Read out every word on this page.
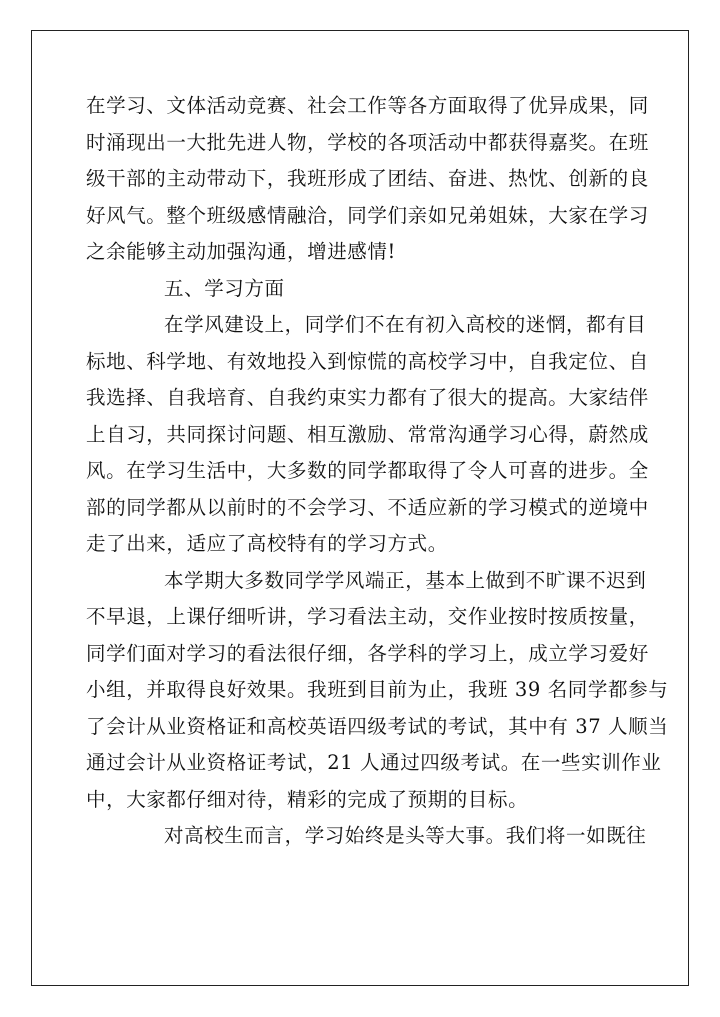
在学习、文体活动竞赛、社会工作等各方面取得了优异成果，同
时涌现出一大批先进人物，学校的各项活动中都获得嘉奖。在班
级干部的主动带动下，我班形成了团结、奋进、热忱、创新的良
好风气。整个班级感情融洽，同学们亲如兄弟姐妹，大家在学习
之余能够主动加强沟通，增进感情!

五、学习方面

在学风建设上，同学们不在有初入高校的迷惘，都有目
标地、科学地、有效地投入到惊慌的高校学习中，自我定位、自
我选择、自我培育、自我约束实力都有了很大的提高。大家结伴
上自习，共同探讨问题、相互激励、常常沟通学习心得，蔚然成
风。在学习生活中，大多数的同学都取得了令人可喜的进步。全
部的同学都从以前时的不会学习、不适应新的学习模式的逆境中
走了出来，适应了高校特有的学习方式。

本学期大多数同学学风端正，基本上做到不旷课不迟到
不早退，上课仔细听讲，学习看法主动，交作业按时按质按量，
同学们面对学习的看法很仔细，各学科的学习上，成立学习爱好
小组，并取得良好效果。我班到目前为止，我班 39 名同学都参与
了会计从业资格证和高校英语四级考试的考试，其中有 37 人顺当
通过会计从业资格证考试，21 人通过四级考试。在一些实训作业
中，大家都仔细对待，精彩的完成了预期的目标。

对高校生而言，学习始终是头等大事。我们将一如既往
